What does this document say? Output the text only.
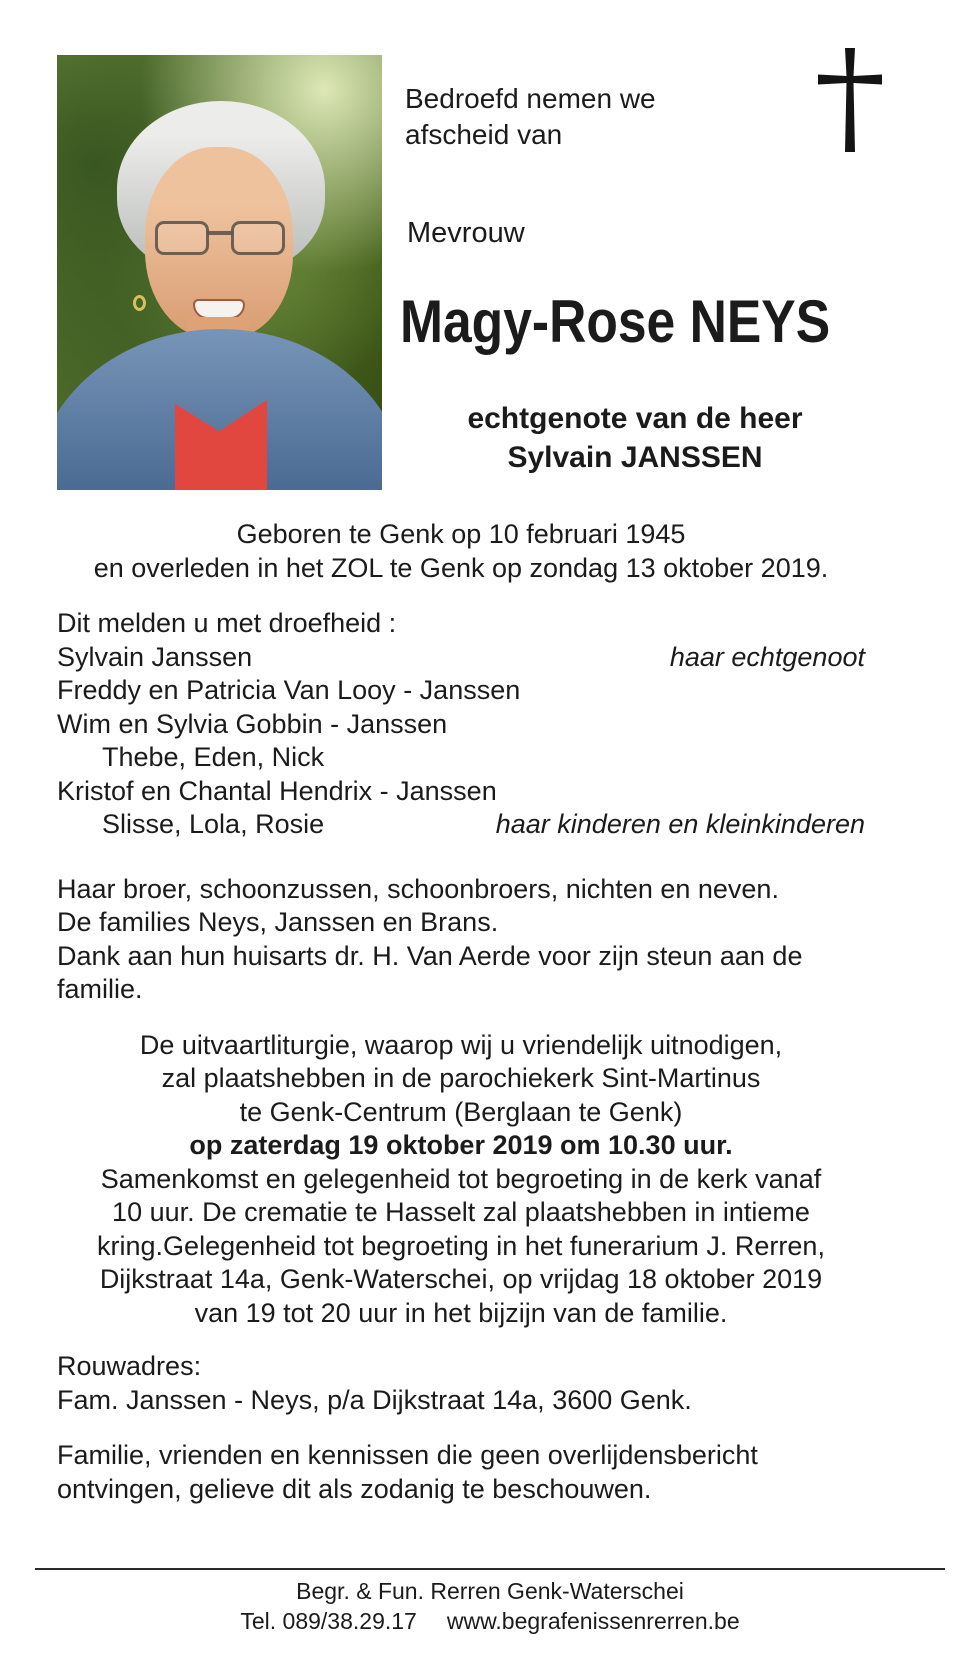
Bedroefd nemen we
afscheid van
Mevrouw
Magy-Rose NEYS
echtgenote van de heer
Sylvain JANSSEN
Geboren te Genk op 10 februari 1945
en overleden in het ZOL te Genk op zondag 13 oktober 2019.
Dit melden u met droefheid :
Sylvain Janssen	haar echtgenoot
Freddy en Patricia Van Looy - Janssen
Wim en Sylvia Gobbin - Janssen
Thebe, Eden, Nick
Kristof en Chantal Hendrix - Janssen
Slisse, Lola, Rosie	haar kinderen en kleinkinderen
Haar broer, schoonzussen, schoonbroers, nichten en neven.
De families Neys, Janssen en Brans.
Dank aan hun huisarts dr. H. Van Aerde voor zijn steun aan de
familie.
De uitvaartliturgie, waarop wij u vriendelijk uitnodigen,
zal plaatshebben in de parochiekerk Sint-Martinus
te Genk-Centrum (Berglaan te Genk)
op zaterdag 19 oktober 2019 om 10.30 uur.
Samenkomst en gelegenheid tot begroeting in de kerk vanaf
10 uur. De crematie te Hasselt zal plaatshebben in intieme
kring.Gelegenheid tot begroeting in het funerarium J. Rerren,
Dijkstraat 14a, Genk-Waterschei, op vrijdag 18 oktober 2019
van 19 tot 20 uur in het bijzijn van de familie.
Rouwadres:
Fam. Janssen - Neys, p/a Dijkstraat 14a, 3600 Genk.
Familie, vrienden en kennissen die geen overlijdensbericht
ontvingen, gelieve dit als zodanig te beschouwen.
Begr. & Fun. Rerren Genk-Waterschei
Tel. 089/38.29.17 www.begrafenissenrerren.be
